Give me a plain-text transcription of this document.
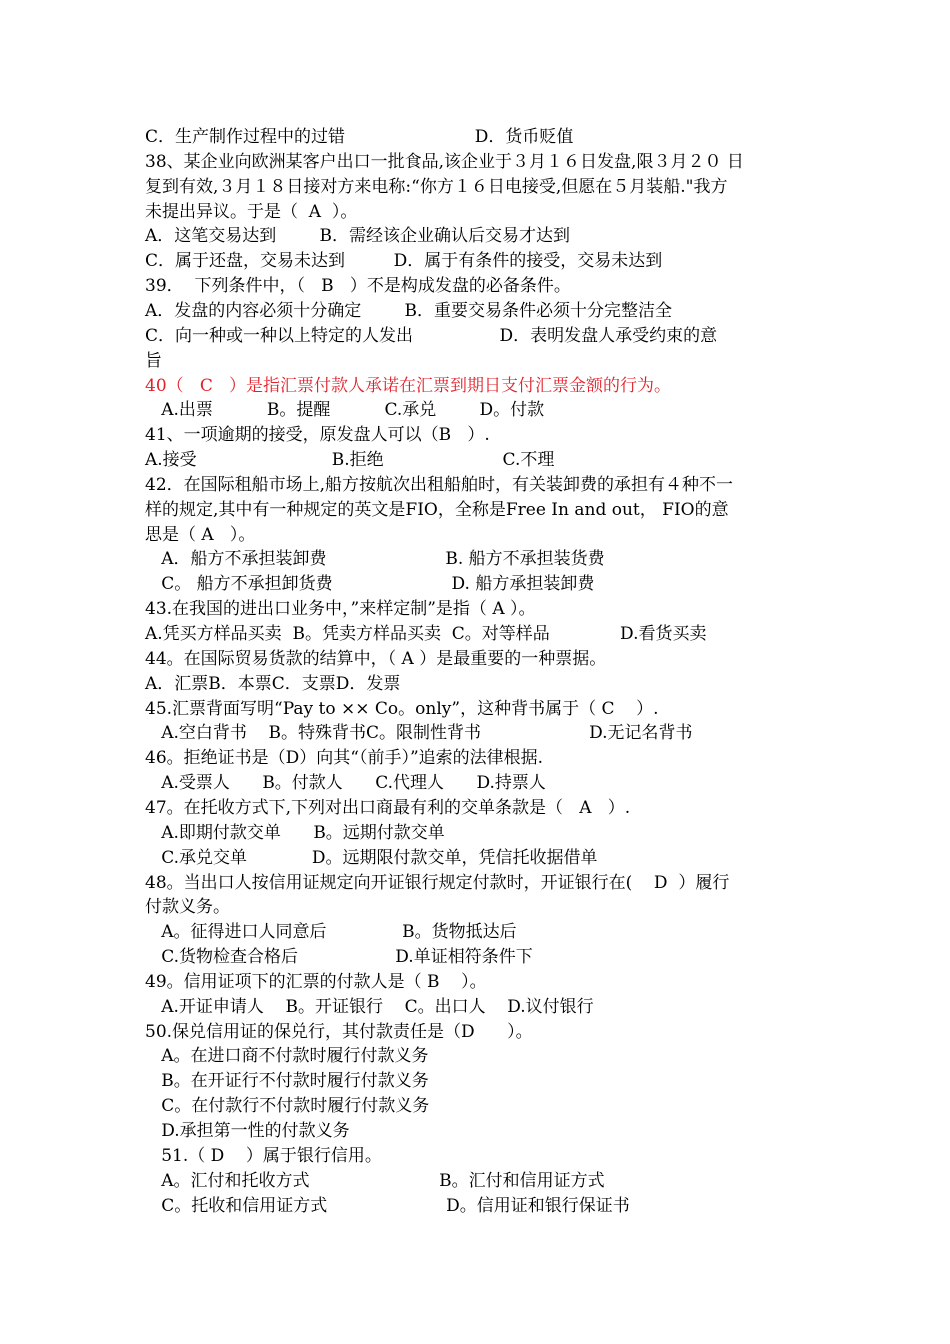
C．生产制作过程中的过错                        D．货币贬值
38、某企业向欧洲某客户出口一批食品,该企业于３月１６日发盘,限３月２０ 日
复到有效,３月１８日接对方来电称:“你方１６日电接受,但愿在５月装船."我方
未提出异议。于是（  A  ）。
A．这笔交易达到        B．需经该企业确认后交易才达到
C．属于还盘，交易未达到         D．属于有条件的接受，交易未达到
39．  下列条件中，（   B   ）不是构成发盘的必备条件。
A．发盘的内容必须十分确定        B．重要交易条件必须十分完整洁全
C．向一种或一种以上特定的人发出                D．表明发盘人承受约束的意
旨
40（   C   ）是指汇票付款人承诺在汇票到期日支付汇票金额的行为。
A.出票          B。提醒          C.承兑        D。付款
41、一项逾期的接受，原发盘人可以（B   ）.
A.接受                         B.拒绝                      C.不理
42．在国际租船市场上,船方按航次出租船舶时，有关装卸费的承担有４种不一
样的规定,其中有一种规定的英文是FIO，全称是Free In and out， FIO的意
思是（ A   ）。
A．船方不承担装卸费                      B. 船方不承担装货费
C。 船方不承担卸货费                      D. 船方承担装卸费
43.在我国的进出口业务中，”来样定制”是指（ A ）。
A.凭买方样品买卖  B。凭卖方样品买卖  C。对等样品             D.看货买卖
44。在国际贸易货款的结算中，（ A ）是最重要的一种票据。
A．汇票B．本票C．支票D．发票
45.汇票背面写明“Pay to ×× Co。only”，这种背书属于（ C    ）.
A.空白背书    B。特殊背书C。限制性背书                    D.无记名背书
46。拒绝证书是（D）向其“（前手）”追索的法律根据.
A.受票人      B。付款人      C.代理人      D.持票人
47。在托收方式下,下列对出口商最有利的交单条款是（   A   ）.
A.即期付款交单      B。远期付款交单
C.承兑交单            D。远期限付款交单，凭信托收据借单
48。当出口人按信用证规定向开证银行规定付款时，开证银行在(    D  ）履行
付款义务。
A。征得进口人同意后              B。货物抵达后
C.货物检查合格后                  D.单证相符条件下
49。信用证项下的汇票的付款人是（ B    ）。
A.开证申请人    B。开证银行    C。出口人    D.议付银行
50.保兑信用证的保兑行，其付款责任是（D      ）。
A。在进口商不付款时履行付款义务
B。在开证行不付款时履行付款义务
C。在付款行不付款时履行付款义务
D.承担第一性的付款义务
51.（ D    ）属于银行信用。
A。汇付和托收方式                        B。汇付和信用证方式
C。托收和信用证方式                      D。信用证和银行保证书
